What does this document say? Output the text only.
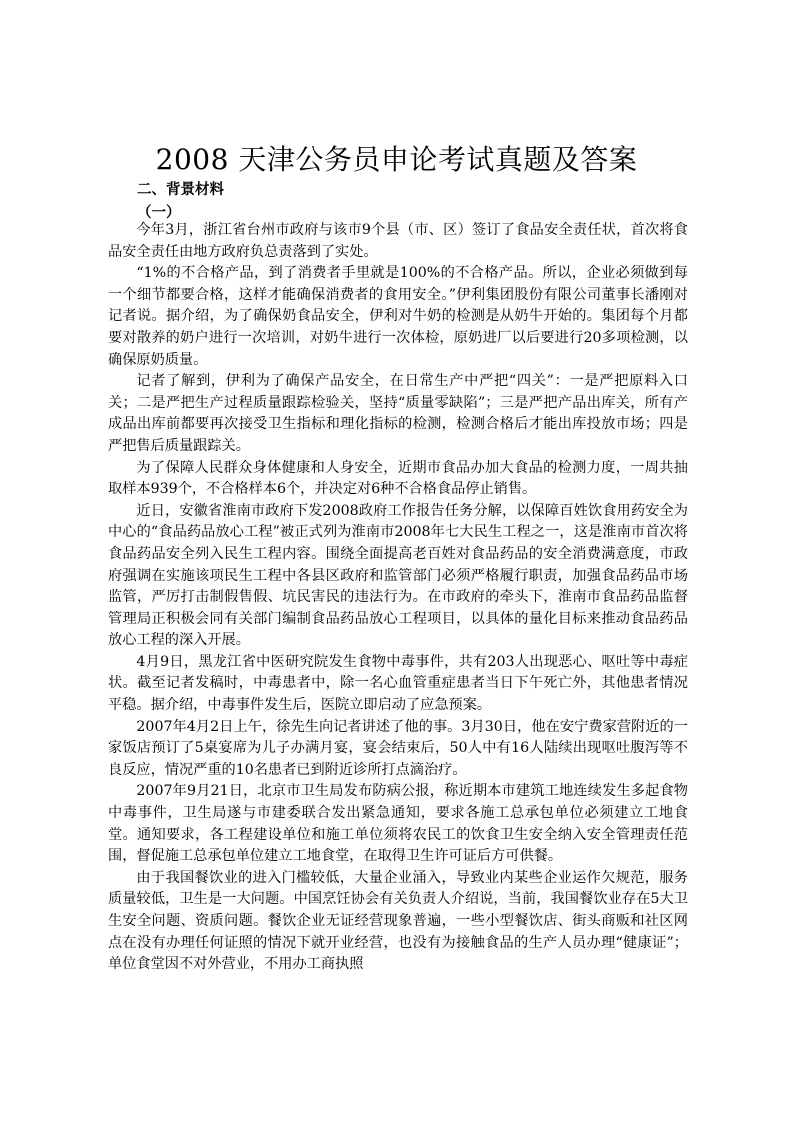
2008 天津公务员申论考试真题及答案
二、背景材料
（一）

今年3月，浙江省台州市政府与该市9个县（市、区）签订了食品安全责任状，首次将食品安全责任由地方政府负总责落到了实处。

“1%的不合格产品，到了消费者手里就是100%的不合格产品。所以，企业必须做到每一个细节都要合格，这样才能确保消费者的食用安全。”伊利集团股份有限公司董事长潘刚对记者说。据介绍，为了确保奶食品安全，伊利对牛奶的检测是从奶牛开始的。集团每个月都要对散养的奶户进行一次培训，对奶牛进行一次体检，原奶进厂以后要进行20多项检测，以确保原奶质量。

记者了解到，伊利为了确保产品安全，在日常生产中严把“四关”：一是严把原料入口关；二是严把生产过程质量跟踪检验关，坚持“质量零缺陷”；三是严把产品出库关，所有产成品出库前都要再次接受卫生指标和理化指标的检测，检测合格后才能出库投放市场；四是严把售后质量跟踪关。

为了保障人民群众身体健康和人身安全，近期市食品办加大食品的检测力度，一周共抽取样本939个，不合格样本6个，并决定对6种不合格食品停止销售。

近日，安徽省淮南市政府下发2008政府工作报告任务分解，以保障百姓饮食用药安全为中心的“食品药品放心工程”被正式列为淮南市2008年七大民生工程之一，这是淮南市首次将食品药品安全列入民生工程内容。围绕全面提高老百姓对食品药品的安全消费满意度，市政府强调在实施该项民生工程中各县区政府和监管部门必须严格履行职责，加强食品药品市场监管，严厉打击制假售假、坑民害民的违法行为。在市政府的牵头下，淮南市食品药品监督管理局正积极会同有关部门编制食品药品放心工程项目，以具体的量化目标来推动食品药品放心工程的深入开展。

4月9日，黑龙江省中医研究院发生食物中毒事件，共有203人出现恶心、呕吐等中毒症状。截至记者发稿时，中毒患者中，除一名心血管重症患者当日下午死亡外，其他患者情况平稳。据介绍，中毒事件发生后，医院立即启动了应急预案。

2007年4月2日上午，徐先生向记者讲述了他的事。3月30日，他在安宁费家营附近的一家饭店预订了5桌宴席为儿子办满月宴，宴会结束后，50人中有16人陆续出现呕吐腹泻等不良反应，情况严重的10名患者已到附近诊所打点滴治疗。

2007年9月21日，北京市卫生局发布防病公报，称近期本市建筑工地连续发生多起食物中毒事件，卫生局遂与市建委联合发出紧急通知，要求各施工总承包单位必须建立工地食堂。通知要求，各工程建设单位和施工单位须将农民工的饮食卫生安全纳入安全管理责任范围，督促施工总承包单位建立工地食堂，在取得卫生许可证后方可供餐。

由于我国餐饮业的进入门槛较低，大量企业涌入，导致业内某些企业运作欠规范，服务质量较低，卫生是一大问题。中国烹饪协会有关负责人介绍说，当前，我国餐饮业存在5大卫生安全问题、资质问题。餐饮企业无证经营现象普遍，一些小型餐饮店、街头商贩和社区网点在没有办理任何证照的情况下就开业经营，也没有为接触食品的生产人员办理“健康证”；单位食堂因不对外营业，不用办工商执照
